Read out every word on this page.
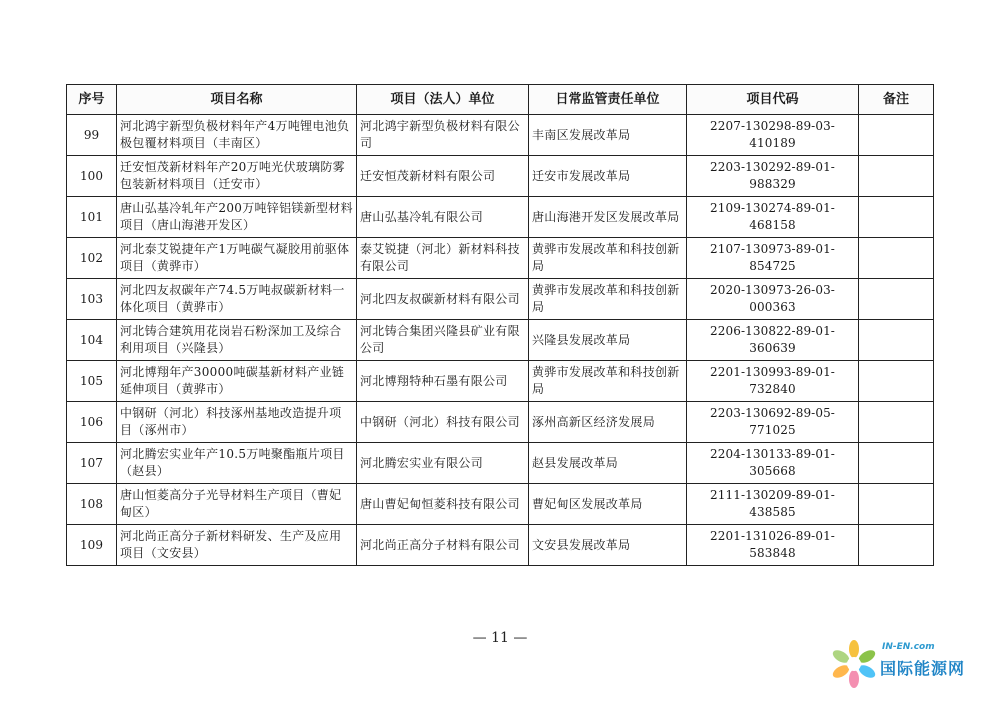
序号	项目名称	项目（法人）单位	日常监管责任单位	项目代码	备注
99	河北鸿宇新型负极材料年产4万吨锂电池负极包覆材料项目（丰南区）	河北鸿宇新型负极材料有限公司	丰南区发展改革局	2207-130298-89-03-410189	
100	迁安恒茂新材料年产20万吨光伏玻璃防雾包装新材料项目（迁安市）	迁安恒茂新材料有限公司	迁安市发展改革局	2203-130292-89-01-988329	
101	唐山弘基冷轧年产200万吨锌铝镁新型材料项目（唐山海港开发区）	唐山弘基冷轧有限公司	唐山海港开发区发展改革局	2109-130274-89-01-468158	
102	河北泰艾锐捷年产1万吨碳气凝胶用前驱体项目（黄骅市）	泰艾锐捷（河北）新材料科技有限公司	黄骅市发展改革和科技创新局	2107-130973-89-01-854725	
103	河北四友叔碳年产74.5万吨叔碳新材料一体化项目（黄骅市）	河北四友叔碳新材料有限公司	黄骅市发展改革和科技创新局	2020-130973-26-03-000363	
104	河北铸合建筑用花岗岩石粉深加工及综合利用项目（兴隆县）	河北铸合集团兴隆县矿业有限公司	兴隆县发展改革局	2206-130822-89-01-360639	
105	河北博翔年产30000吨碳基新材料产业链延伸项目（黄骅市）	河北博翔特种石墨有限公司	黄骅市发展改革和科技创新局	2201-130993-89-01-732840	
106	中钢研（河北）科技涿州基地改造提升项目（涿州市）	中钢研（河北）科技有限公司	涿州高新区经济发展局	2203-130692-89-05-771025	
107	河北腾宏实业年产10.5万吨聚酯瓶片项目（赵县）	河北腾宏实业有限公司	赵县发展改革局	2204-130133-89-01-305668	
108	唐山恒菱高分子光导材料生产项目（曹妃甸区）	唐山曹妃甸恒菱科技有限公司	曹妃甸区发展改革局	2111-130209-89-01-438585	
109	河北尚正高分子新材料研发、生产及应用项目（文安县）	河北尚正高分子材料有限公司	文安县发展改革局	2201-131026-89-01-583848	
— 11 —
IN-EN.com
国际能源网
